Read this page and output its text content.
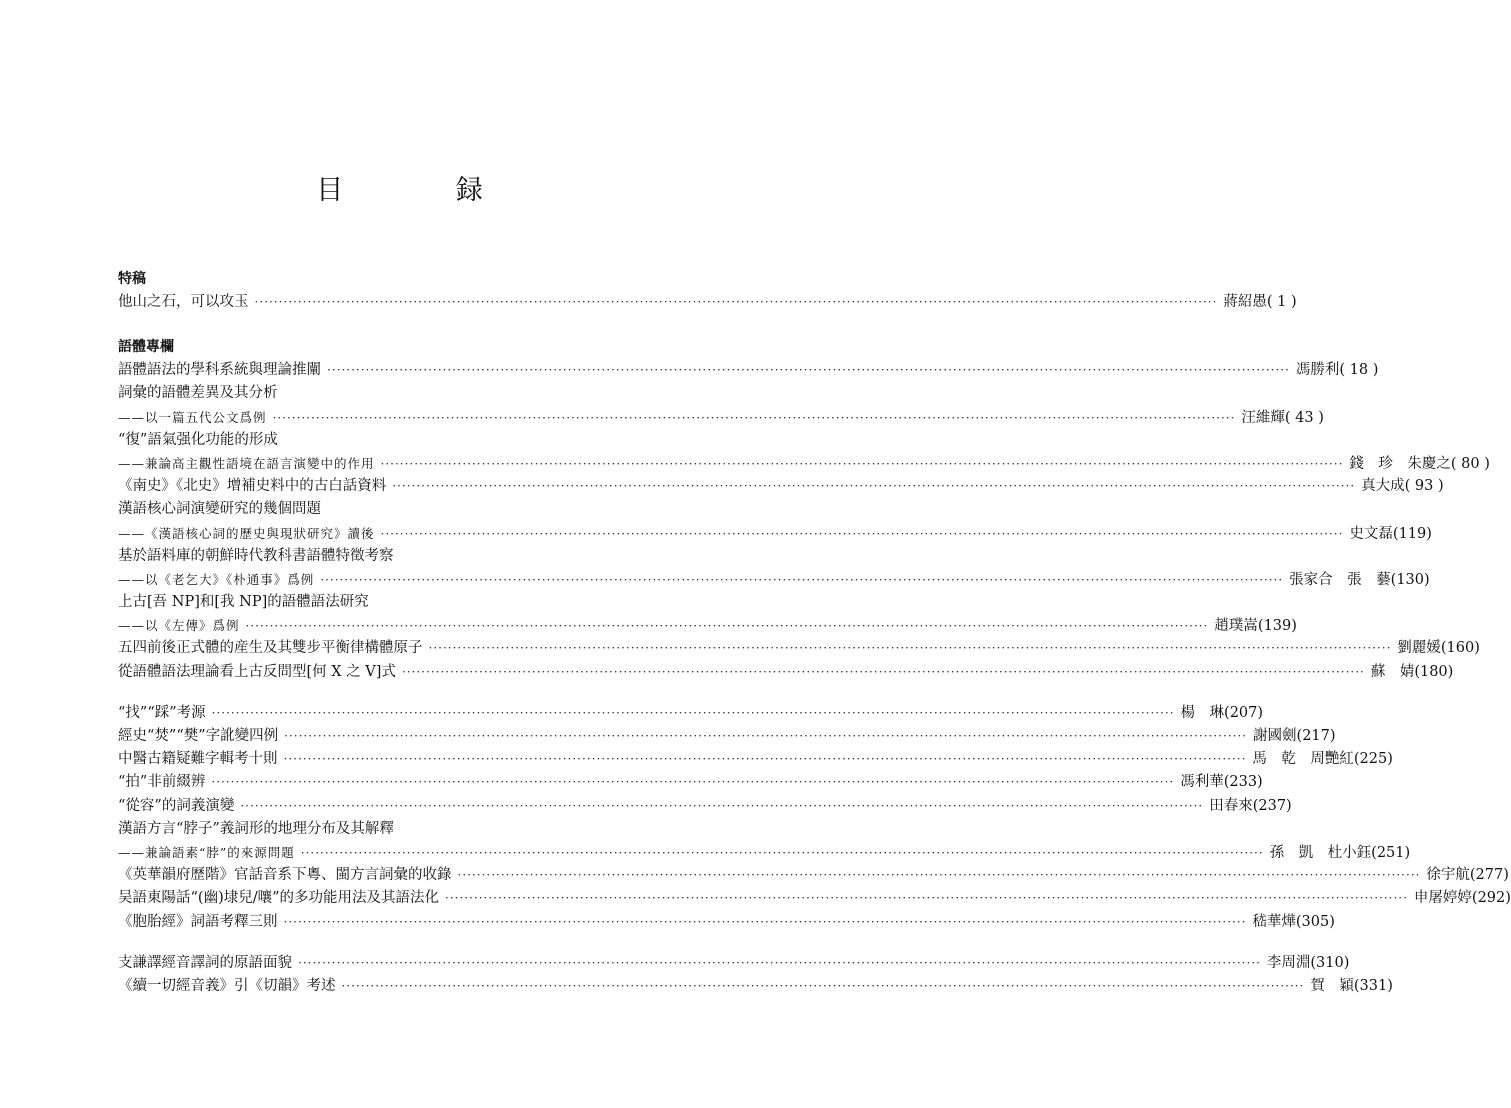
目 録
特稿
他山之石，可以攻玉 ········································································································································································································ 蔣紹愚 ( 1 )
語體專欄
語體語法的學科系統與理論推闡 ········································································································································································································ 馮勝利 ( 18 )
詞彙的語體差異及其分析
——以一篇五代公文爲例 ········································································································································································································ 汪維輝 ( 43 )
“復”語氣强化功能的形成
——兼論高主觀性語境在語言演變中的作用 ········································································································································································································ 錢　珍　朱慶之 ( 80 )
《南史》《北史》增補史料中的古白話資料 ········································································································································································································ 真大成 ( 93 )
漢語核心詞演變研究的幾個問題
——《漢語核心詞的歷史與現狀研究》讀後 ········································································································································································································ 史文磊 (119)
基於語料庫的朝鮮時代教科書語體特徵考察
——以《老乞大》《朴通事》爲例 ········································································································································································································ 張家合　張　藝 (130)
上古[吾 NP]和[我 NP]的語體語法研究
——以《左傳》爲例 ········································································································································································································ 趙璞嵩 (139)
五四前後正式體的産生及其雙步平衡律構體原子 ········································································································································································································ 劉麗媛 (160)
從語體語法理論看上古反問型[何 X 之 V]式 ········································································································································································································ 蘇　婧 (180)
“找”“踩”考源 ········································································································································································································ 楊　琳 (207)
經史“焚”“樊”字訛變四例 ········································································································································································································ 謝國劍 (217)
中醫古籍疑難字輯考十則 ········································································································································································································ 馬　乾　周艷紅 (225)
“拍”非前綴辨 ········································································································································································································ 馮利華 (233)
“從容”的詞義演變 ········································································································································································································ 田春來 (237)
漢語方言“脖子”義詞形的地理分布及其解釋
——兼論語素“脖”的來源問題 ········································································································································································································ 孫　凱　杜小鈺 (251)
《英華韻府歷階》官話音系下粵、閩方言詞彙的收錄 ········································································································································································································ 徐宇航 (277)
吴語東陽話“(幽)埭兒/嚷”的多功能用法及其語法化 ········································································································································································································ 申屠婷婷 (292)
《胞胎經》詞語考釋三則 ········································································································································································································ 嵇華燁 (305)
支謙譯經音譯詞的原語面貌 ········································································································································································································ 李周淵 (310)
《續一切經音義》引《切韻》考述 ········································································································································································································ 賀　穎 (331)
